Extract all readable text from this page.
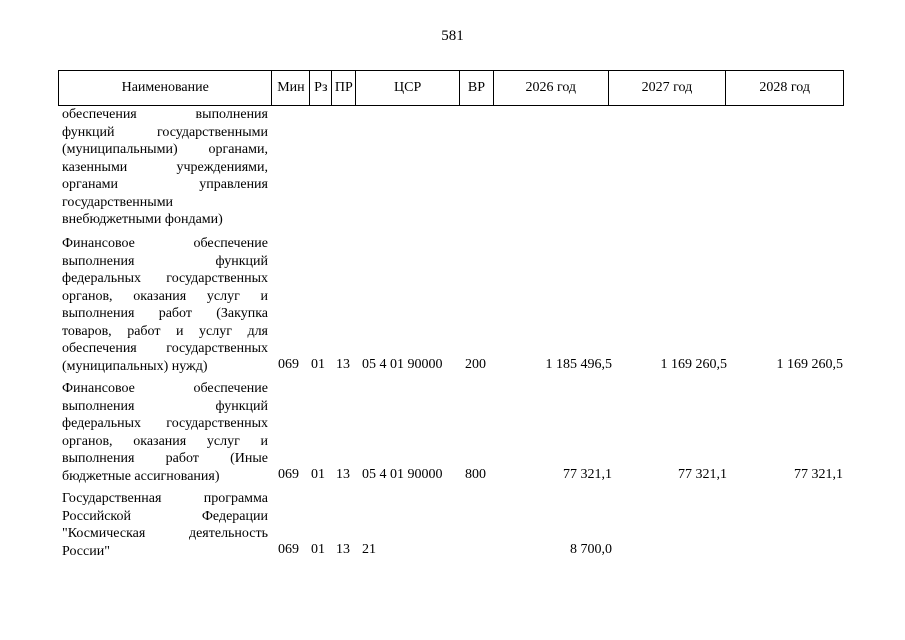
581
Наименование	Мин Рз ПР	ЦСР	ВР	2026 год	2027 год	2028 год
обеспечения выполнения
функций государственными
(муниципальными) органами,
казенными учреждениями,
органами управления
государственными
внебюджетными фондами)
Финансовое обеспечение
выполнения функций
федеральных государственных
органов, оказания услуг и
выполнения работ (Закупка
товаров, работ и услуг для
обеспечения государственных
(муниципальных) нужд)	069 01 13 05 4 01 90000 200	1 185 496,5	1 169 260,5	1 169 260,5
Финансовое обеспечение
выполнения функций
федеральных государственных
органов, оказания услуг и
выполнения работ (Иные
бюджетные ассигнования)	069 01 13 05 4 01 90000 800	77 321,1	77 321,1	77 321,1
Государственная программа
Российской Федерации
"Космическая деятельность
России"	069 01 13 21	8 700,0
